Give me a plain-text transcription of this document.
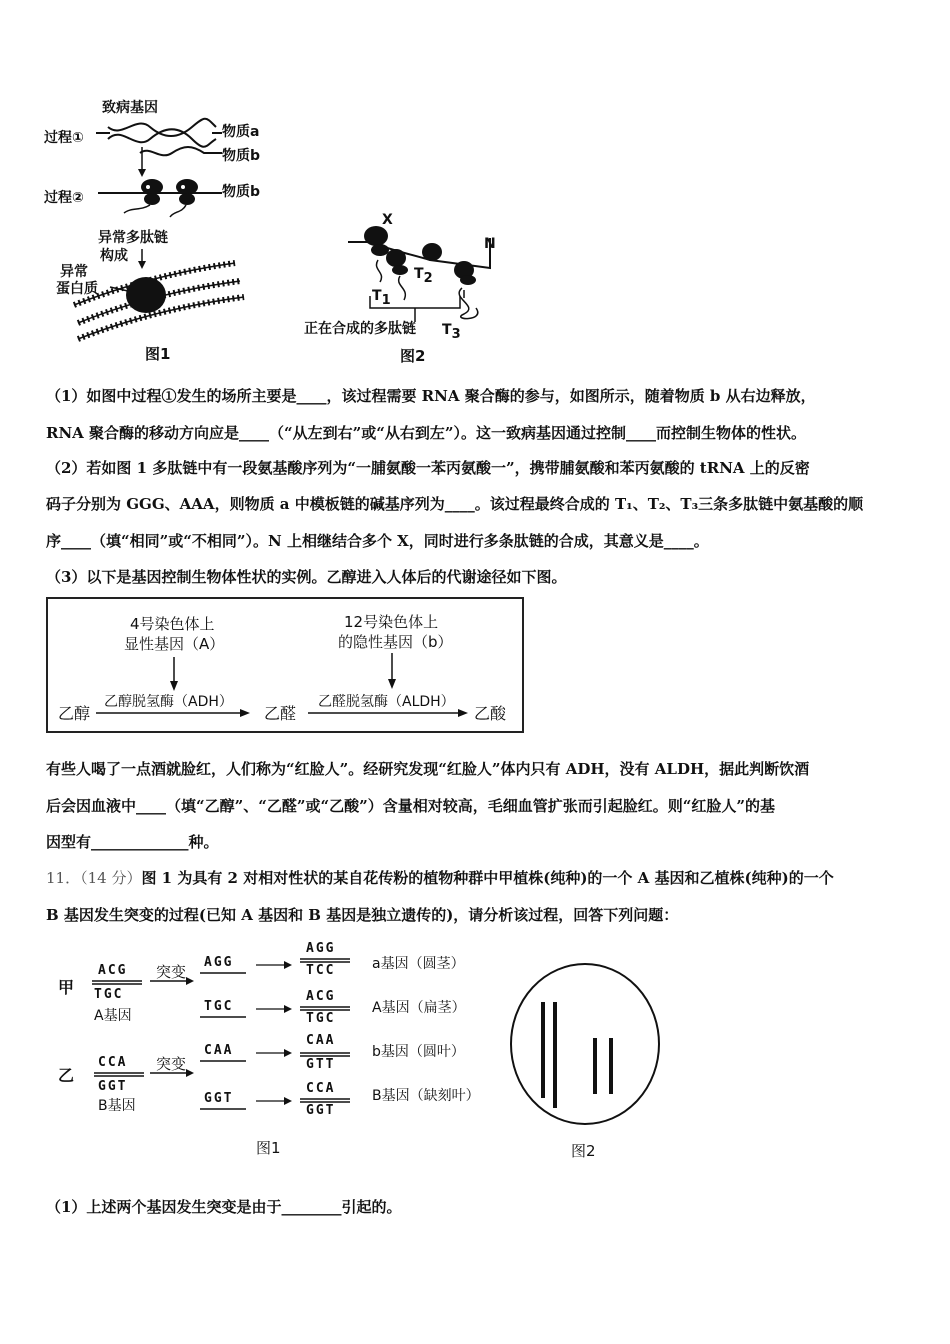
致病基因
过程①	物质a
物质b
过程②	物质b
异常多肽链
构成
异常
蛋白质
图1
X
N
$T_1$
$T_2$
$T_3$
正在合成的多肽链
图2
（1）如图中过程①发生的场所主要是____，该过程需要 RNA 聚合酶的参与，如图所示，随着物质 b 从右边释放，
RNA 聚合酶的移动方向应是____（“从左到右”或“从右到左”）。这一致病基因通过控制____而控制生物体的性状。
（2）若如图 1 多肽链中有一段氨基酸序列为“一脯氨酸一苯丙氨酸一”，携带脯氨酸和苯丙氨酸的 tRNA 上的反密
码子分别为 GGG、AAA，则物质 a 中模板链的碱基序列为____。该过程最终合成的 T₁、T₂、T₃三条多肽链中氨基酸的顺
序____（填“相同”或“不相同”）。N 上相继结合多个 X，同时进行多条肽链的合成，其意义是____。
（3）以下是基因控制生物体性状的实例。乙醇进入人体后的代谢途径如下图。
4号染色体上
显性基因（A）
12号染色体上
的隐性基因（b）
乙醇
乙醇脱氢酶（ADH）
乙醛
乙醛脱氢酶（ALDH）
乙酸
有些人喝了一点酒就脸红，人们称为“红脸人”。经研究发现“红脸人”体内只有 ADH，没有 ALDH，据此判断饮酒
后会因血液中____（填“乙醇”、“乙醛”或“乙酸”）含量相对较高，毛细血管扩张而引起脸红。则“红脸人”的基
因型有_____________种。
11．（14 分）图 1 为具有 2 对相对性状的某自花传粉的植物种群中甲植株(纯种)的一个 A 基因和乙植株(纯种)的一个
B 基因发生突变的过程(已知 A 基因和 B 基因是独立遗传的)，请分析该过程，回答下列问题：
甲
乙
ACG
TGC
A基因
突变
CCA
GGT
B基因
突变
AGG
TGC
CAA
GGT
AGG
TCC	a基因（圆茎）
ACG
TGC
A基因（扁茎）
CAA
GTT
b基因（圆叶）
CCA
GGT
B基因（缺刻叶）
图1	图2
（1）上述两个基因发生突变是由于________引起的。
